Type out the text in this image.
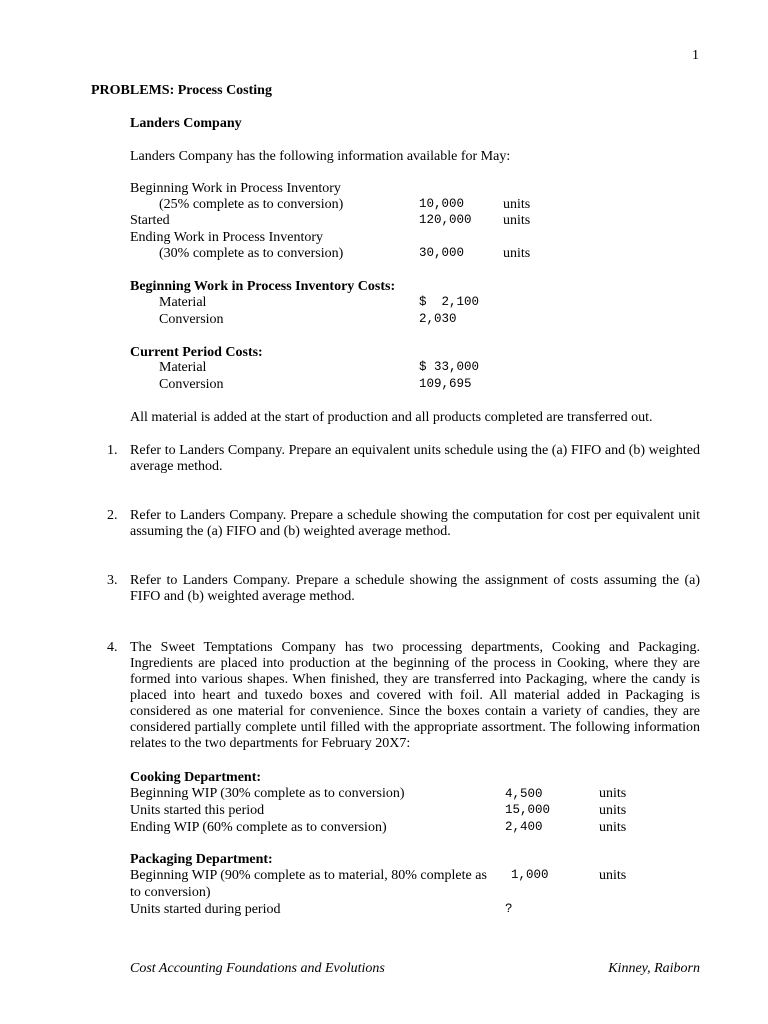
1
PROBLEMS: Process Costing
Landers Company
Landers Company has the following information available for May:
Beginning Work in Process Inventory
(25% complete as to conversion)	10,000	units
Started	120,000 units
Ending Work in Process Inventory
(30% complete as to conversion)	30,000	units
Beginning Work in Process Inventory Costs:
Material	$  2,100
Conversion	2,030
Current Period Costs:
Material	$ 33,000
Conversion	109,695
All material is added at the start of production and all products completed are transferred out.
1. Refer to Landers Company. Prepare an equivalent units schedule using the (a) FIFO and (b) weighted average method.
2. Refer to Landers Company. Prepare a schedule showing the computation for cost per equivalent unit assuming the (a) FIFO and (b) weighted average method.
3. Refer to Landers Company. Prepare a schedule showing the assignment of costs assuming the (a) FIFO and (b) weighted average method.
4. The Sweet Temptations Company has two processing departments, Cooking and Packaging. Ingredients are placed into production at the beginning of the process in Cooking, where they are formed into various shapes. When finished, they are transferred into Packaging, where the candy is placed into heart and tuxedo boxes and covered with foil. All material added in Packaging is considered as one material for convenience. Since the boxes contain a variety of candies, they are considered partially complete until filled with the appropriate assortment. The following information relates to the two departments for February 20X7:
Cooking Department:
Beginning WIP (30% complete as to conversion)	4,500	units
Units started this period	15,000	units
Ending WIP (60% complete as to conversion)	2,400	units
Packaging Department:
Beginning WIP (90% complete as to material, 80% complete as
to conversion)
1,000	units
Units started during period	?
Cost Accounting Foundations and Evolutions	Kinney, Raiborn
